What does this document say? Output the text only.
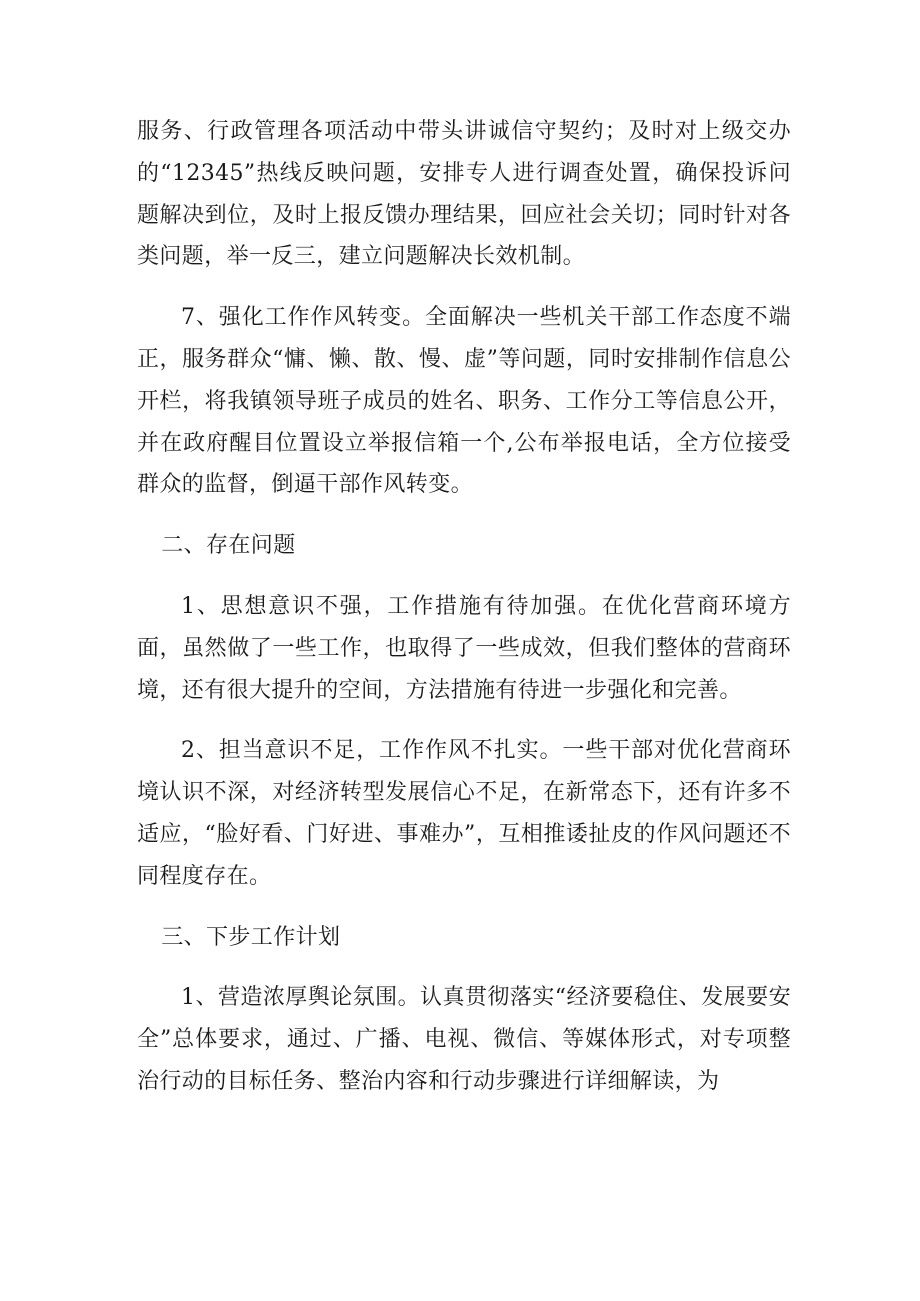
服务、行政管理各项活动中带头讲诚信守契约；及时对上级交办的“12345”热线反映问题，安排专人进行调查处置，确保投诉问题解决到位，及时上报反馈办理结果，回应社会关切；同时针对各类问题，举一反三，建立问题解决长效机制。

7、强化工作作风转变。全面解决一些机关干部工作态度不端正，服务群众“慵、懒、散、慢、虚”等问题，同时安排制作信息公开栏，将我镇领导班子成员的姓名、职务、工作分工等信息公开，并在政府醒目位置设立举报信箱一个,公布举报电话，全方位接受群众的监督，倒逼干部作风转变。

二、存在问题

1、思想意识不强，工作措施有待加强。在优化营商环境方面，虽然做了一些工作，也取得了一些成效，但我们整体的营商环境，还有很大提升的空间，方法措施有待进一步强化和完善。

2、担当意识不足，工作作风不扎实。一些干部对优化营商环境认识不深，对经济转型发展信心不足，在新常态下，还有许多不适应，“脸好看、门好进、事难办”，互相推诿扯皮的作风问题还不同程度存在。

三、下步工作计划

1、营造浓厚舆论氛围。认真贯彻落实“经济要稳住、发展要安全”总体要求，通过、广播、电视、微信、等媒体形式，对专项整治行动的目标任务、整治内容和行动步骤进行详细解读，为
